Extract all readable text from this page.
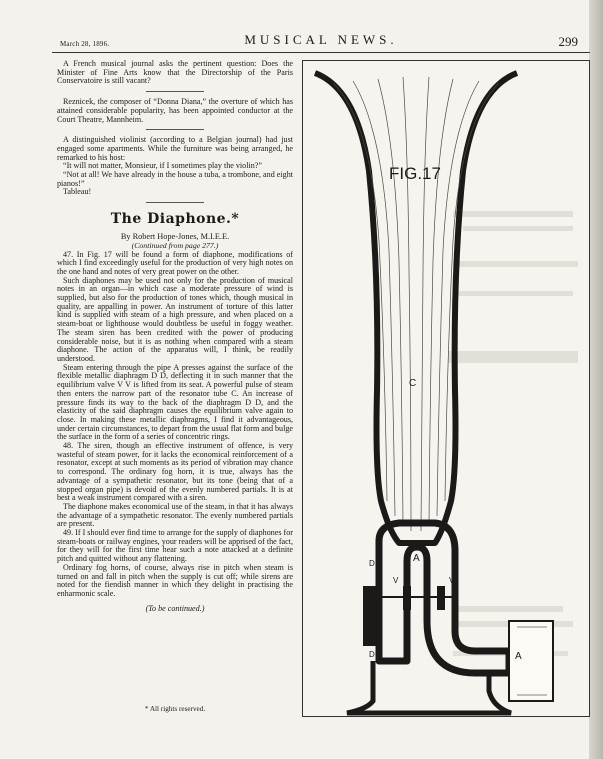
March 28, 1896.	MUSICAL NEWS.	299

A French musical journal asks the pertinent question: Does the Minister of Fine Arts know that the Directorship of the Paris Conservatoire is still vacant?

Reznicek, the composer of “Donna Diana,” the overture of which has attained considerable popularity, has been appointed conductor at the Court Theatre, Mannheim.

A distinguished violinist (according to a Belgian journal) had just engaged some apartments. While the furniture was being arranged, he remarked to his host:

“It will not matter, Monsieur, if I sometimes play the violin?”

“Not at all! We have already in the house a tuba, a trombone, and eight pianos!”

Tableau!

The Diaphone.*

By Robert Hope-Jones, M.I.E.E.

(Continued from page 277.)

47. In Fig. 17 will be found a form of diaphone, modifications of which I find exceedingly useful for the production of very high notes on the one hand and notes of very great power on the other.

Such diaphones may be used not only for the production of musical notes in an organ—in which case a moderate pressure of wind is supplied, but also for the production of tones which, though musical in quality, are appalling in power. An instrument of torture of this latter kind is supplied with steam of a high pressure, and when placed on a steam-boat or lighthouse would doubtless be useful in foggy weather. The steam siren has been credited with the power of producing considerable noise, but it is as nothing when compared with a steam diaphone. The action of the apparatus will, I think, be readily understood.

Steam entering through the pipe A presses against the surface of the flexible metallic diaphragm D D, deflecting it in such manner that the equilibrium valve V V is lifted from its seat. A powerful pulse of steam then enters the narrow part of the resonator tube C. An increase of pressure finds its way to the back of the diaphragm D D, and the elasticity of the said diaphragm causes the equilibrium valve again to close. In making these metallic diaphragms, I find it advantageous, under certain circumstances, to depart from the usual flat form and bulge the surface in the form of a series of concentric rings.

48. The siren, though an effective instrument of offence, is very wasteful of steam power, for it lacks the economical reinforcement of a resonator, except at such moments as its period of vibration may chance to correspond. The ordinary fog horn, it is true, always has the advantage of a sympathetic resonator, but its tone (being that of a stopped organ pipe) is devoid of the evenly numbered partials. It is at best a weak instrument compared with a siren.

The diaphone makes economical use of the steam, in that it has always the advantage of a sympathetic resonator. The evenly numbered partials are present.

49. If I should ever find time to arrange for the supply of diaphones for steam-boats or railway engines, your readers will be apprised of the fact, for they will for the first time hear such a note attacked at a definite pitch and quitted without any flattening.

Ordinary fog horns, of course, always rise in pitch when steam is turned on and fall in pitch when the supply is cut off; while sirens are noted for the fiendish manner in which they delight in practising the enharmonic scale.

(To be continued.)

* All rights reserved.
FIG.17
C
A
A
V	V
D
D
